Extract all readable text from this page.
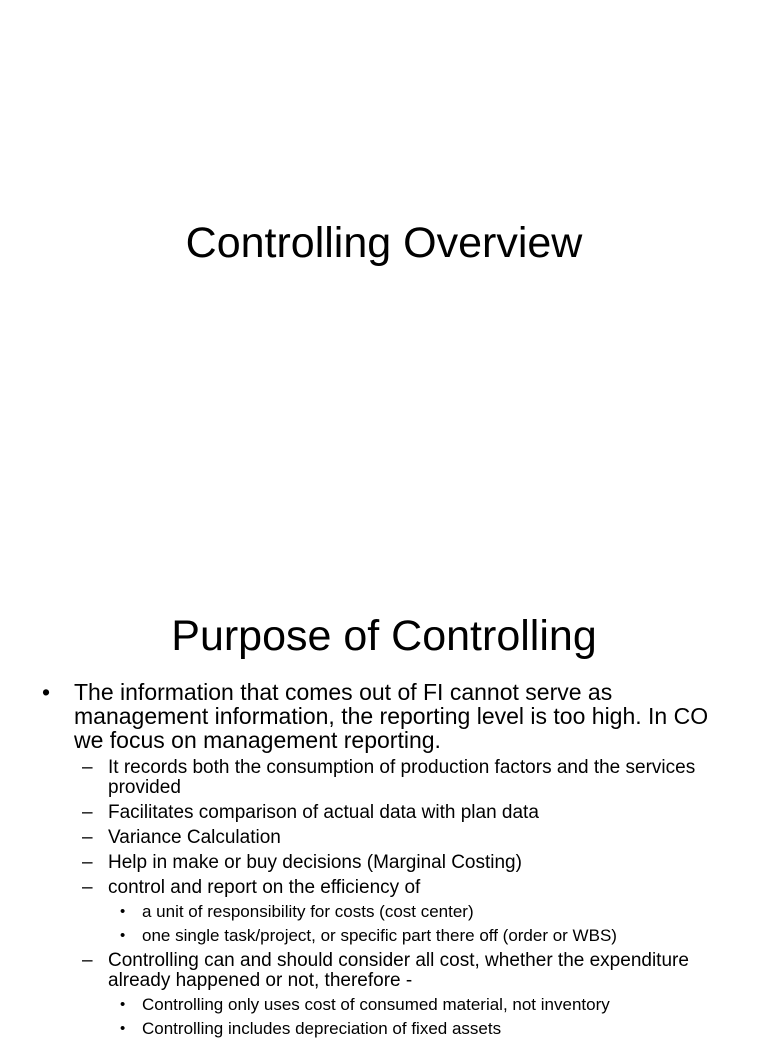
Controlling Overview
Purpose of Controlling
• The information that comes out of FI cannot serve as management information, the reporting level is too high. In CO we focus on management reporting.
– It records both the consumption of production factors and the services provided
– Facilitates comparison of actual data with plan data
– Variance Calculation
– Help in make or buy decisions (Marginal Costing)
– control and report on the efficiency of
• a unit of responsibility for costs (cost center)
• one single task/project, or specific part there off (order or WBS)
– Controlling can and should consider all cost, whether the expenditure already happened or not, therefore -
• Controlling only uses cost of consumed material, not inventory
• Controlling includes depreciation of fixed assets
